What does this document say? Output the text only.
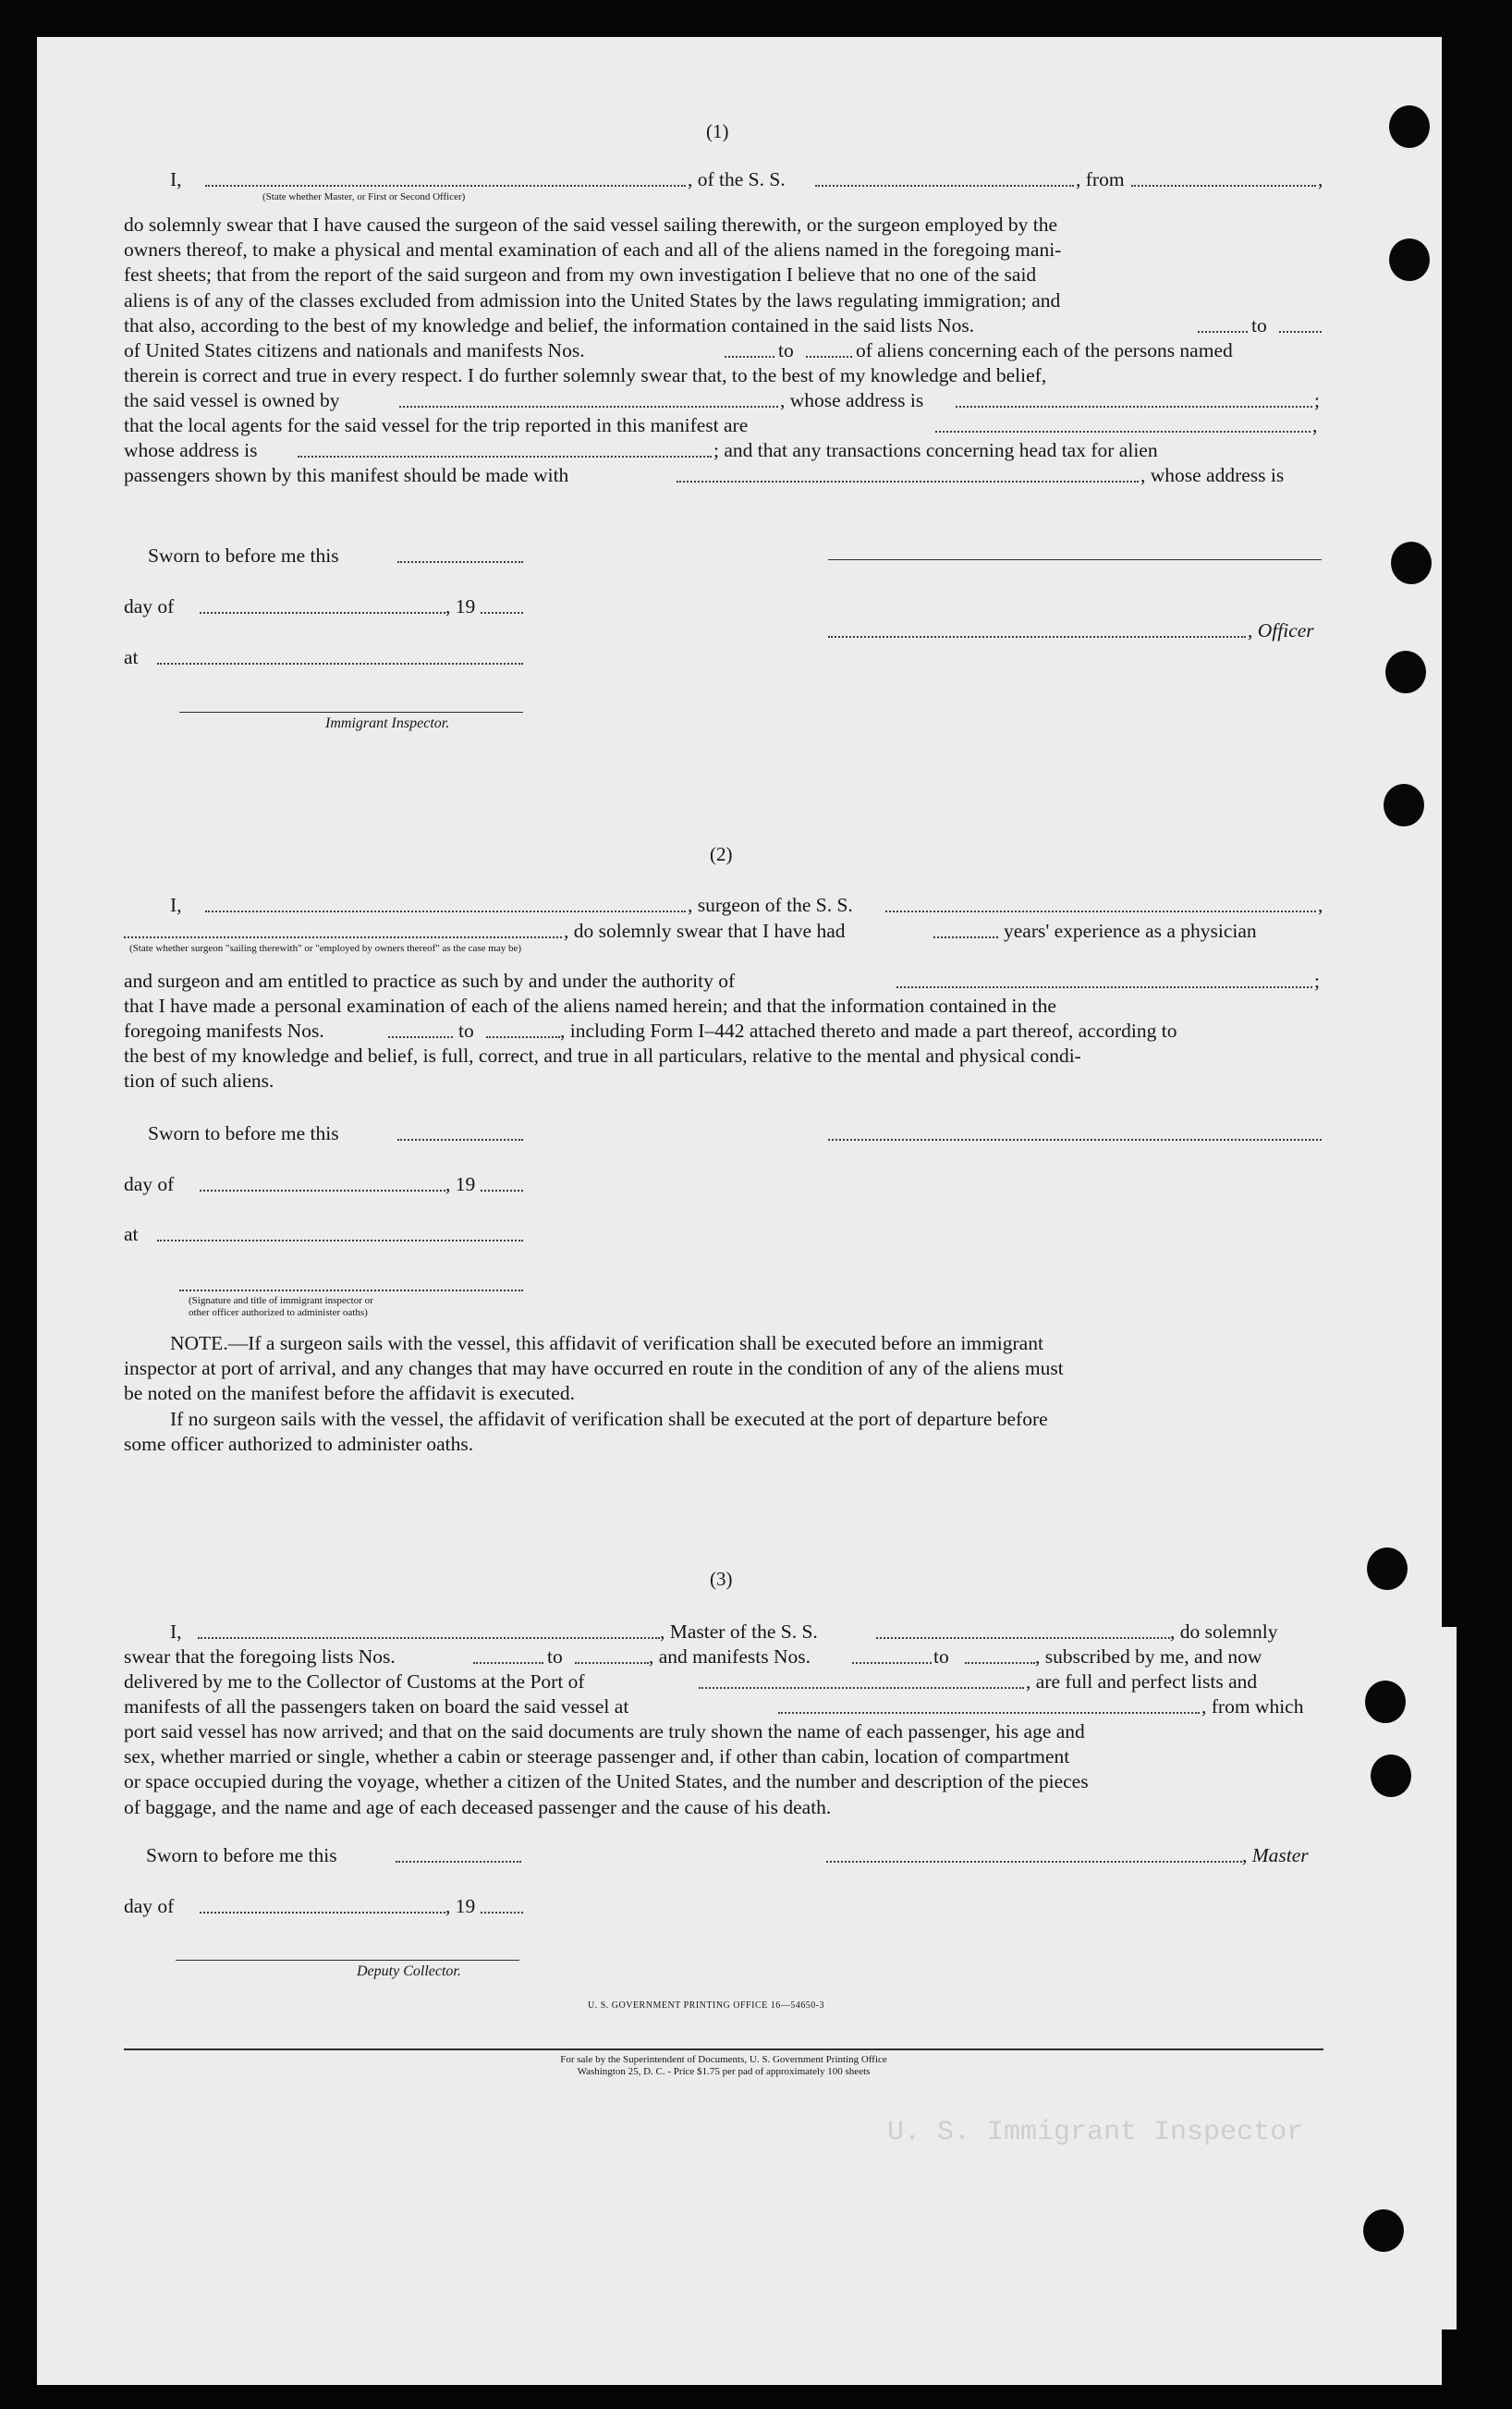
(1)
I,	, of the S. S.	, from	,
(State whether Master, or First or Second Officer)
do solemnly swear that I have caused the surgeon of the said vessel sailing therewith, or the surgeon employed by the
owners thereof, to make a physical and mental examination of each and all of the aliens named in the foregoing mani-
fest sheets; that from the report of the said surgeon and from my own investigation I believe that no one of the said
aliens is of any of the classes excluded from admission into the United States by the laws regulating immigration; and
that also, according to the best of my knowledge and belief, the information contained in the said lists Nos.	to
of United States citizens and nationals and manifests Nos.	to	of aliens concerning each of the persons named
therein is correct and true in every respect. I do further solemnly swear that, to the best of my knowledge and belief,
the said vessel is owned by	, whose address is	;
that the local agents for the said vessel for the trip reported in this manifest are	,
whose address is	; and that any transactions concerning head tax for alien
passengers shown by this manifest should be made with	, whose address is
Sworn to before me this
day of	, 19
, Officer
at
Immigrant Inspector.
(2)
I,	, surgeon of the S. S.	,
, do solemnly swear that I have had	years' experience as a physician
(State whether surgeon "sailing therewith" or "employed by owners thereof" as the case may be)
and surgeon and am entitled to practice as such by and under the authority of	;
that I have made a personal examination of each of the aliens named herein; and that the information contained in the
foregoing manifests Nos.	to	, including Form I–442 attached thereto and made a part thereof, according to
the best of my knowledge and belief, is full, correct, and true in all particulars, relative to the mental and physical condi-
tion of such aliens.
Sworn to before me this
day of	, 19
at
(Signature and title of immigrant inspector or
other officer authorized to administer oaths)
NOTE.—If a surgeon sails with the vessel, this affidavit of verification shall be executed before an immigrant
inspector at port of arrival, and any changes that may have occurred en route in the condition of any of the aliens must
be noted on the manifest before the affidavit is executed.
If no surgeon sails with the vessel, the affidavit of verification shall be executed at the port of departure before
some officer authorized to administer oaths.
(3)
I,	, Master of the S. S.	, do solemnly
swear that the foregoing lists Nos.	to	, and manifests Nos.	to	, subscribed by me, and now
delivered by me to the Collector of Customs at the Port of	, are full and perfect lists and
manifests of all the passengers taken on board the said vessel at	, from which
port said vessel has now arrived; and that on the said documents are truly shown the name of each passenger, his age and
sex, whether married or single, whether a cabin or steerage passenger and, if other than cabin, location of compartment
or space occupied during the voyage, whether a citizen of the United States, and the number and description of the pieces
of baggage, and the name and age of each deceased passenger and the cause of his death.
Sworn to before me this	, Master
day of	, 19
Deputy Collector.
U. S. GOVERNMENT PRINTING OFFICE 16—54650-3
For sale by the Superintendent of Documents, U. S. Government Printing Office
Washington 25, D. C. - Price $1.75 per pad of approximately 100 sheets
U. S. Immigrant Inspector
